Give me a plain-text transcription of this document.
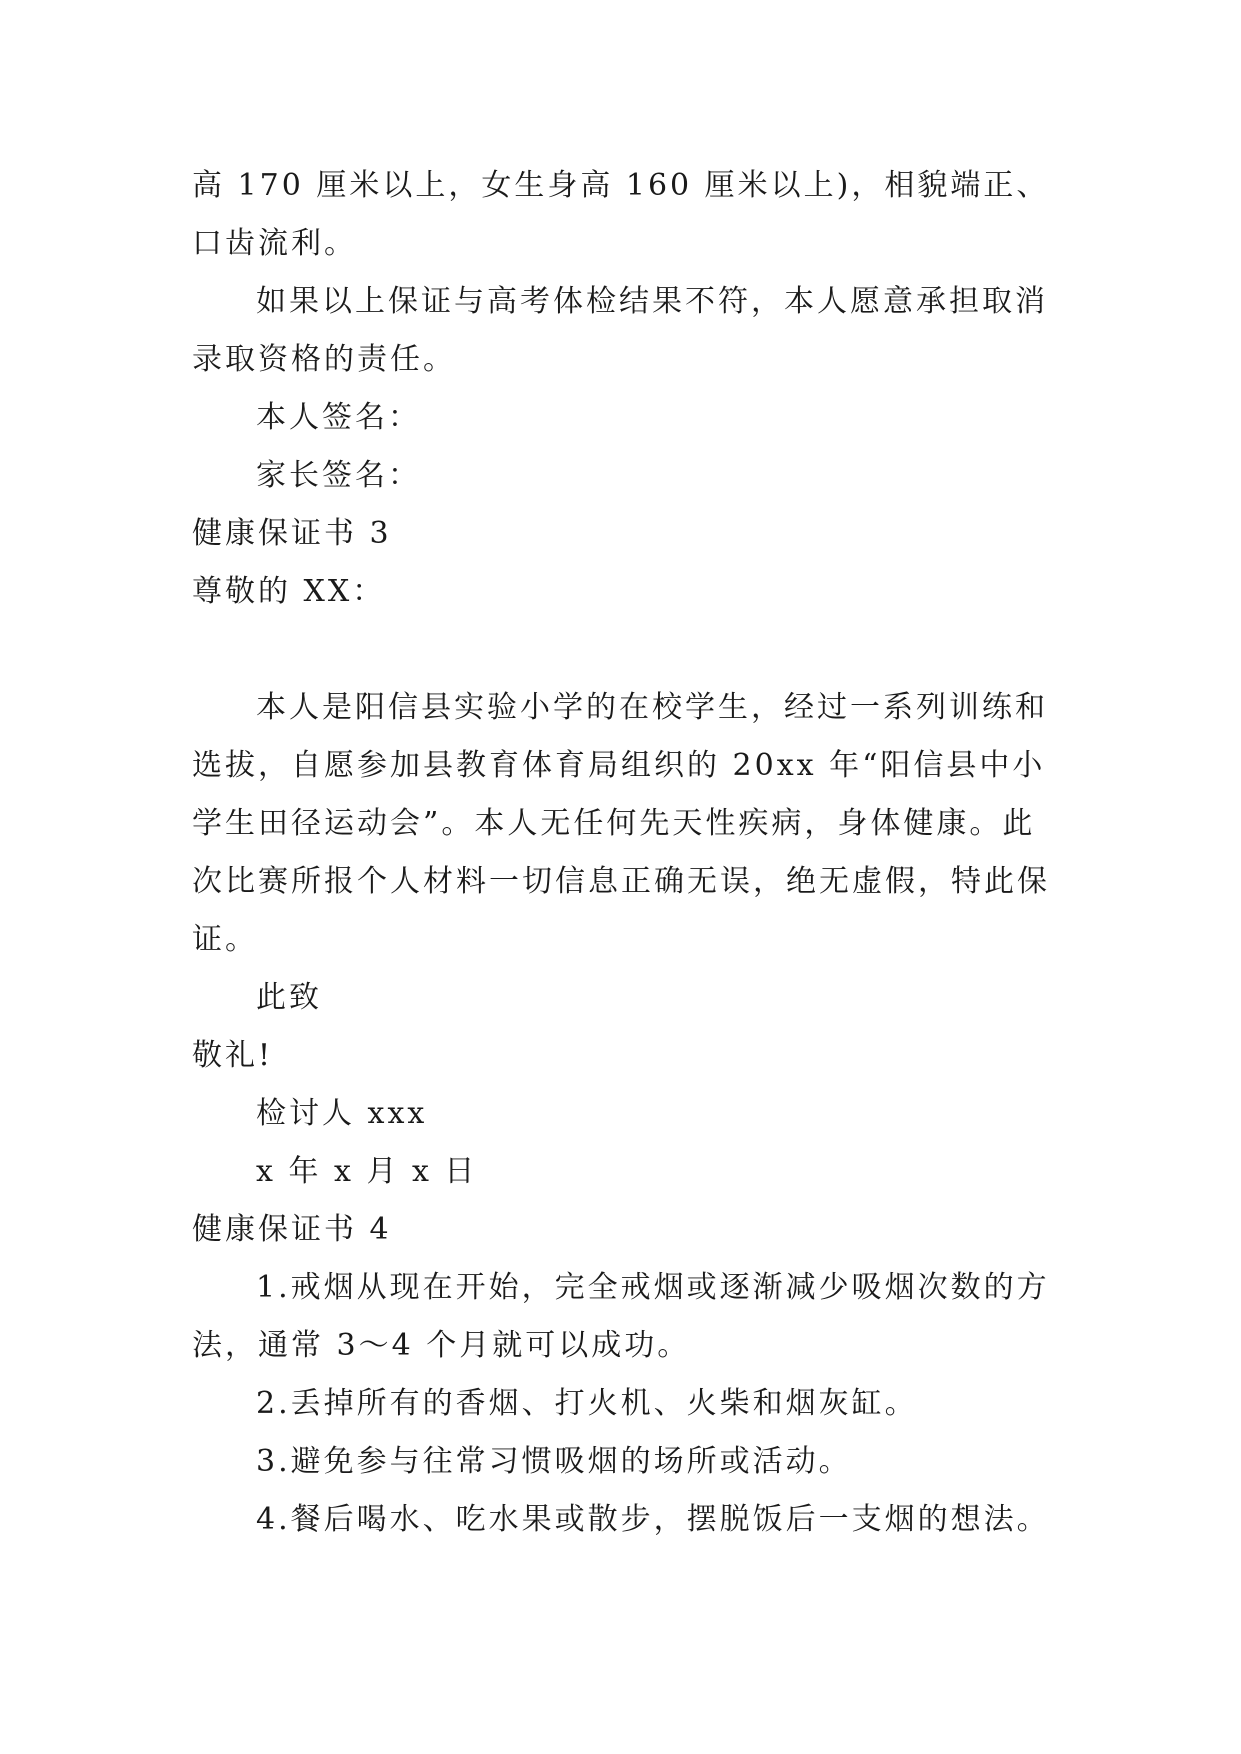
高 170 厘米以上，女生身高 160 厘米以上)，相貌端正、
口齿流利。
如果以上保证与高考体检结果不符，本人愿意承担取消
录取资格的责任。
本人签名：
家长签名：
健康保证书 3
尊敬的 XX：
本人是阳信县实验小学的在校学生，经过一系列训练和
选拔，自愿参加县教育体育局组织的 20xx 年“阳信县中小
学生田径运动会”。本人无任何先天性疾病，身体健康。此
次比赛所报个人材料一切信息正确无误，绝无虚假，特此保
证。
此致
敬礼!
检讨人 xxx
x 年 x 月 x 日
健康保证书 4
1.戒烟从现在开始，完全戒烟或逐渐减少吸烟次数的方
法，通常 3～4 个月就可以成功。
2.丢掉所有的香烟、打火机、火柴和烟灰缸。
3.避免参与往常习惯吸烟的场所或活动。
4.餐后喝水、吃水果或散步，摆脱饭后一支烟的想法。
